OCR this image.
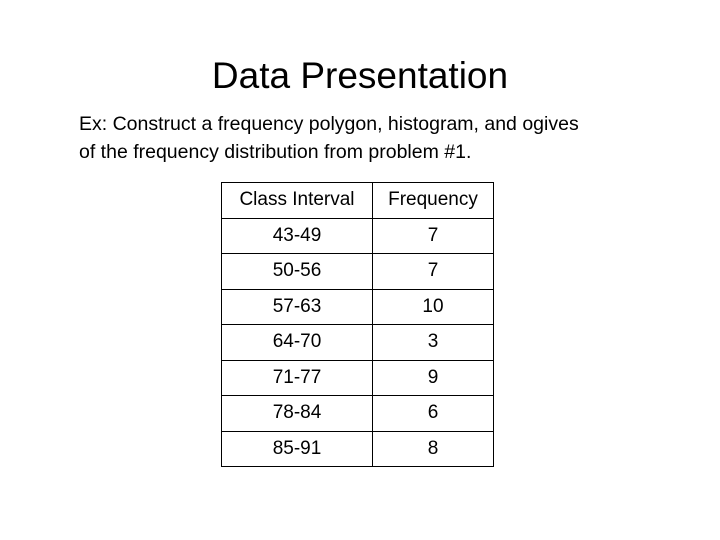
Data Presentation
Ex: Construct a frequency polygon, histogram, and ogives
of the frequency distribution from problem #1.
Class Interval	Frequency
43-49	7
50-56	7
57-63	10
64-70	3
71-77	9
78-84	6
85-91	8
